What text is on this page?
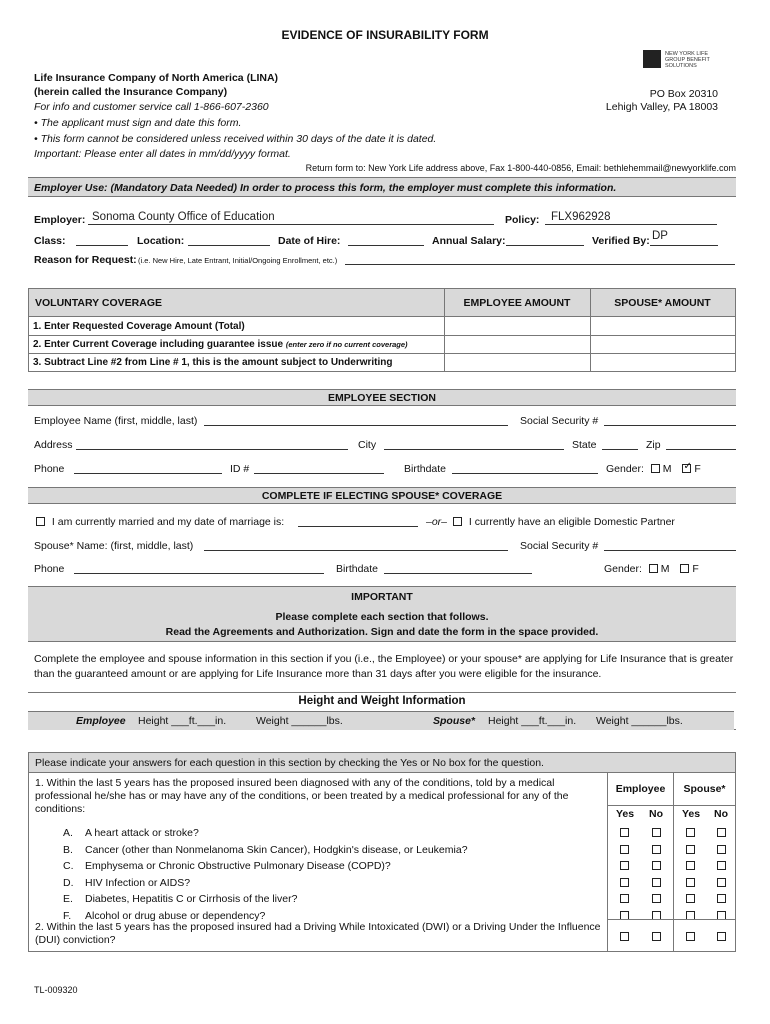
EVIDENCE OF INSURABILITY FORM
NEW YORK LIFE GROUP BENEFIT SOLUTIONS
Life Insurance Company of North America (LINA)
(herein called the Insurance Company)
For info and customer service call 1-866-607-2360
• The applicant must sign and date this form.
• This form cannot be considered unless received within 30 days of the date it is dated.
Important: Please enter all dates in mm/dd/yyyy format.
PO Box 20310
Lehigh Valley, PA 18003
Return form to: New York Life address above, Fax 1-800-440-0856, Email: bethlehemmail@newyorklife.com
Employer Use: (Mandatory Data Needed) In order to process this form, the employer must complete this information.
Employer: Sonoma County Office of Education	Policy: FLX962928
Class:	Location:	Date of Hire:	Annual Salary:	Verified By: DP
Reason for Request: (i.e. New Hire, Late Entrant, Initial/Ongoing Enrollment, etc.)
VOLUNTARY COVERAGE	EMPLOYEE AMOUNT	SPOUSE* AMOUNT
1. Enter Requested Coverage Amount (Total)
2. Enter Current Coverage including guarantee issue (enter zero if no current coverage)
3. Subtract Line #2 from Line # 1, this is the amount subject to Underwriting
EMPLOYEE SECTION
Employee Name (first, middle, last)	Social Security #
Address	City	State	Zip
Phone	ID #	Birthdate	Gender: M ✓ F
COMPLETE IF ELECTING SPOUSE* COVERAGE
I am currently married and my date of marriage is:	–or–	I currently have an eligible Domestic Partner
Spouse* Name: (first, middle, last)	Social Security #
Phone	Birthdate	Gender: M F
IMPORTANT
Please complete each section that follows.
Read the Agreements and Authorization. Sign and date the form in the space provided.
Complete the employee and spouse information in this section if you (i.e., the Employee) or your spouse* are applying for Life Insurance that is greater than the guaranteed amount or are applying for Life Insurance more than 31 days after you were eligible for the insurance.
Height and Weight Information
Employee Height ___ft.___in.	Weight ______lbs.	Spouse* Height ___ft.___in. Weight ______lbs.
Please indicate your answers for each question in this section by checking the Yes or No box for the question.
1. Within the last 5 years has the proposed insured been diagnosed with any of the conditions, told by a medical professional he/she has or may have any of the conditions, or been treated by a medical professional for any of the conditions:
Employee	Spouse*
Yes	No	Yes	No
A. A heart attack or stroke?
B. Cancer (other than Nonmelanoma Skin Cancer), Hodgkin's disease, or Leukemia?
C. Emphysema or Chronic Obstructive Pulmonary Disease (COPD)?
D. HIV Infection or AIDS?
E. Diabetes, Hepatitis C or Cirrhosis of the liver?
F. Alcohol or drug abuse or dependency?
2. Within the last 5 years has the proposed insured had a Driving While Intoxicated (DWI) or a Driving Under the Influence (DUI) conviction?
TL-009320
